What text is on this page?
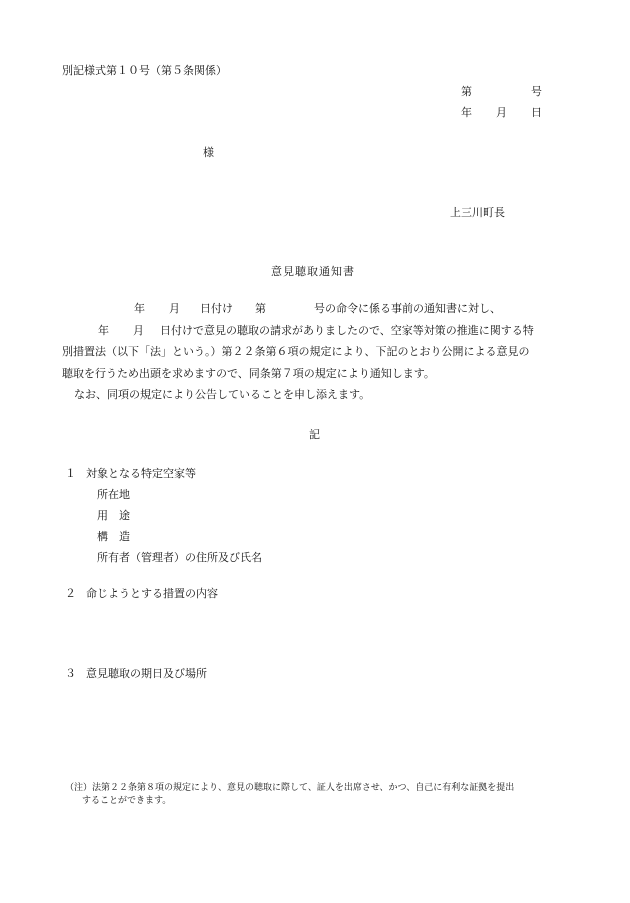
別記様式第１０号（第５条関係）
第	号
年 月 日
様
上三川町長
意見聴取通知書
年 月 日付け 第	号の命令に係る事前の通知書に対し、
年 月 日付けで意見の聴取の請求がありましたので、空家等対策の推進に関する特
別措置法（以下「法」という。）第２２条第６項の規定により、下記のとおり公開による意見の
聴取を行うため出頭を求めますので、同条第７項の規定により通知します。
なお、同項の規定により公告していることを申し添えます。
記
１ 対象となる特定空家等
所在地
用　途
構　造
所有者（管理者）の住所及び氏名
２ 命じようとする措置の内容
３ 意見聴取の期日及び場所
（注）法第２２条第８項の規定により、意見の聴取に際して、証人を出席させ、かつ、自己に有利な証拠を提出
することができます。
